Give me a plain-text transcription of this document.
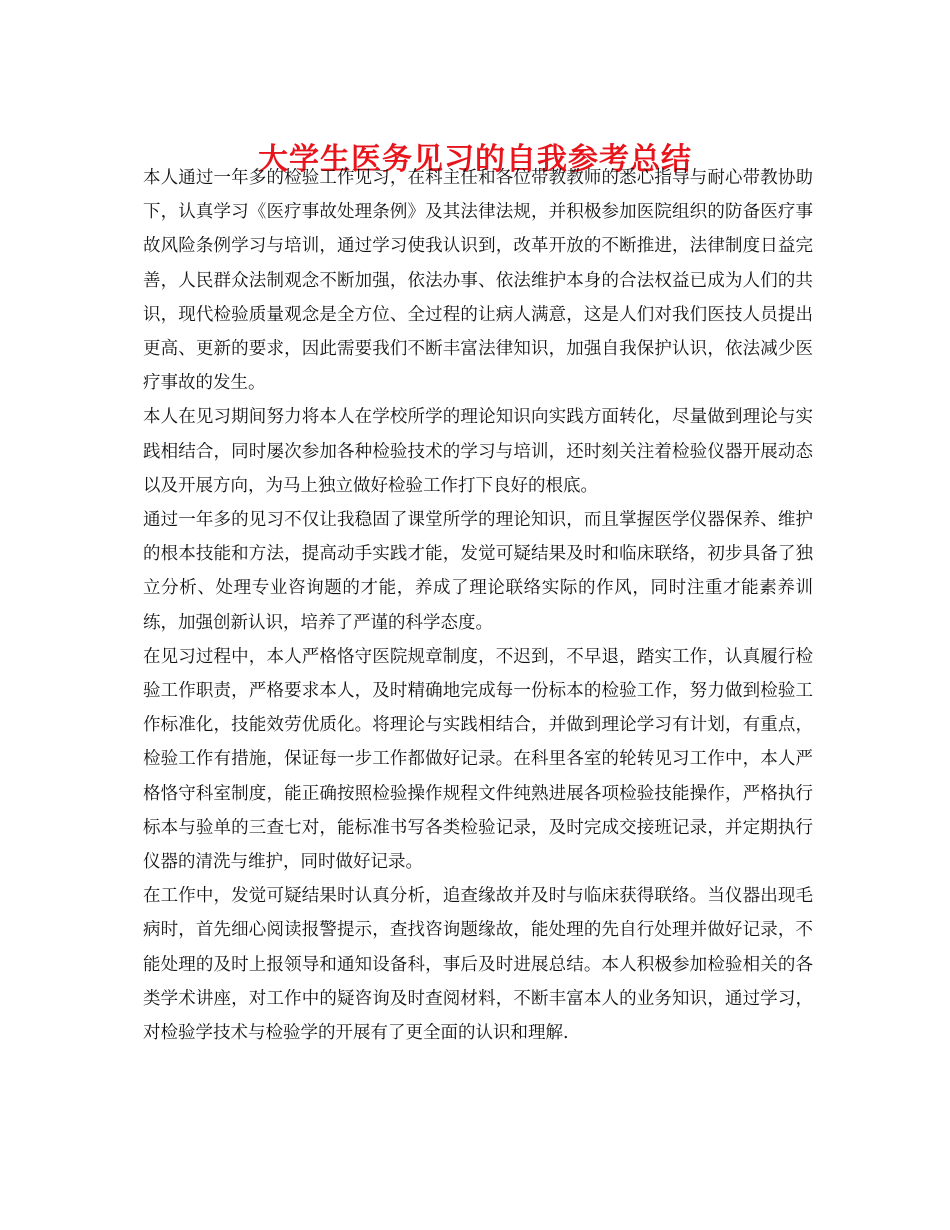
大学生医务见习的自我参考总结

本人通过一年多的检验工作见习，在科主任和各位带教教师的悉心指导与耐心带教协助下，认真学习《医疗事故处理条例》及其法律法规，并积极参加医院组织的防备医疗事故风险条例学习与培训，通过学习使我认识到，改革开放的不断推进，法律制度日益完善，人民群众法制观念不断加强，依法办事、依法维护本身的合法权益已成为人们的共识，现代检验质量观念是全方位、全过程的让病人满意，这是人们对我们医技人员提出更高、更新的要求，因此需要我们不断丰富法律知识，加强自我保护认识，依法减少医疗事故的发生。

本人在见习期间努力将本人在学校所学的理论知识向实践方面转化，尽量做到理论与实践相结合，同时屡次参加各种检验技术的学习与培训，还时刻关注着检验仪器开展动态以及开展方向，为马上独立做好检验工作打下良好的根底。

通过一年多的见习不仅让我稳固了课堂所学的理论知识，而且掌握医学仪器保养、维护的根本技能和方法，提高动手实践才能，发觉可疑结果及时和临床联络，初步具备了独立分析、处理专业咨询题的才能，养成了理论联络实际的作风，同时注重才能素养训练，加强创新认识，培养了严谨的科学态度。

在见习过程中，本人严格恪守医院规章制度，不迟到，不早退，踏实工作，认真履行检验工作职责，严格要求本人，及时精确地完成每一份标本的检验工作，努力做到检验工作标准化，技能效劳优质化。将理论与实践相结合，并做到理论学习有计划，有重点，检验工作有措施，保证每一步工作都做好记录。在科里各室的轮转见习工作中，本人严格恪守科室制度，能正确按照检验操作规程文件纯熟进展各项检验技能操作，严格执行标本与验单的三查七对，能标准书写各类检验记录，及时完成交接班记录，并定期执行仪器的清洗与维护，同时做好记录。

在工作中，发觉可疑结果时认真分析，追查缘故并及时与临床获得联络。当仪器出现毛病时，首先细心阅读报警提示，查找咨询题缘故，能处理的先自行处理并做好记录，不能处理的及时上报领导和通知设备科，事后及时进展总结。本人积极参加检验相关的各类学术讲座，对工作中的疑咨询及时查阅材料，不断丰富本人的业务知识，通过学习，对检验学技术与检验学的开展有了更全面的认识和理解.
